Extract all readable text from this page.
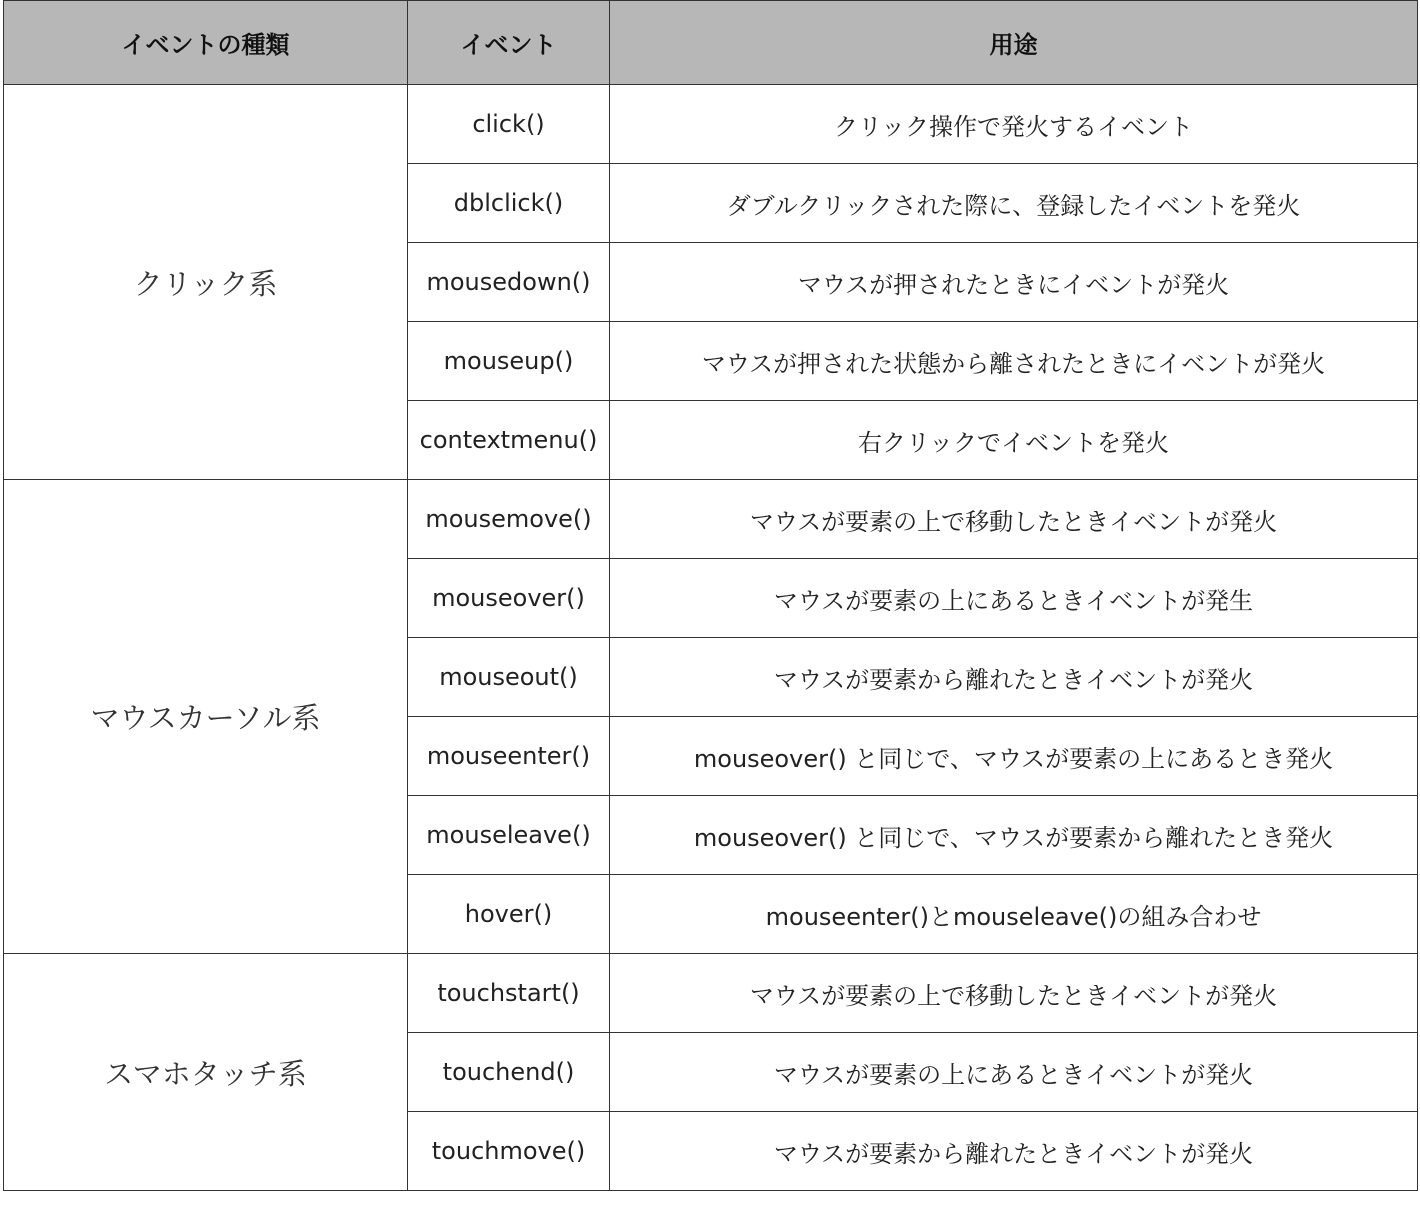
イベントの種類	イベント	用途
クリック系	click()	クリック操作で発火するイベント
	dblclick()	ダブルクリックされた際に、登録したイベントを発火
	mousedown()	マウスが押されたときにイベントが発火
	mouseup()	マウスが押された状態から離されたときにイベントが発火
	contextmenu()	右クリックでイベントを発火
マウスカーソル系	mousemove()	マウスが要素の上で移動したときイベントが発火
	mouseover()	マウスが要素の上にあるときイベントが発生
	mouseout()	マウスが要素から離れたときイベントが発火
	mouseenter()	mouseover() と同じで、マウスが要素の上にあるとき発火
	mouseleave()	mouseover() と同じで、マウスが要素から離れたとき発火
	hover()	mouseenter()とmouseleave()の組み合わせ
スマホタッチ系	touchstart()	マウスが要素の上で移動したときイベントが発火
	touchend()	マウスが要素の上にあるときイベントが発火
	touchmove()	マウスが要素から離れたときイベントが発火
